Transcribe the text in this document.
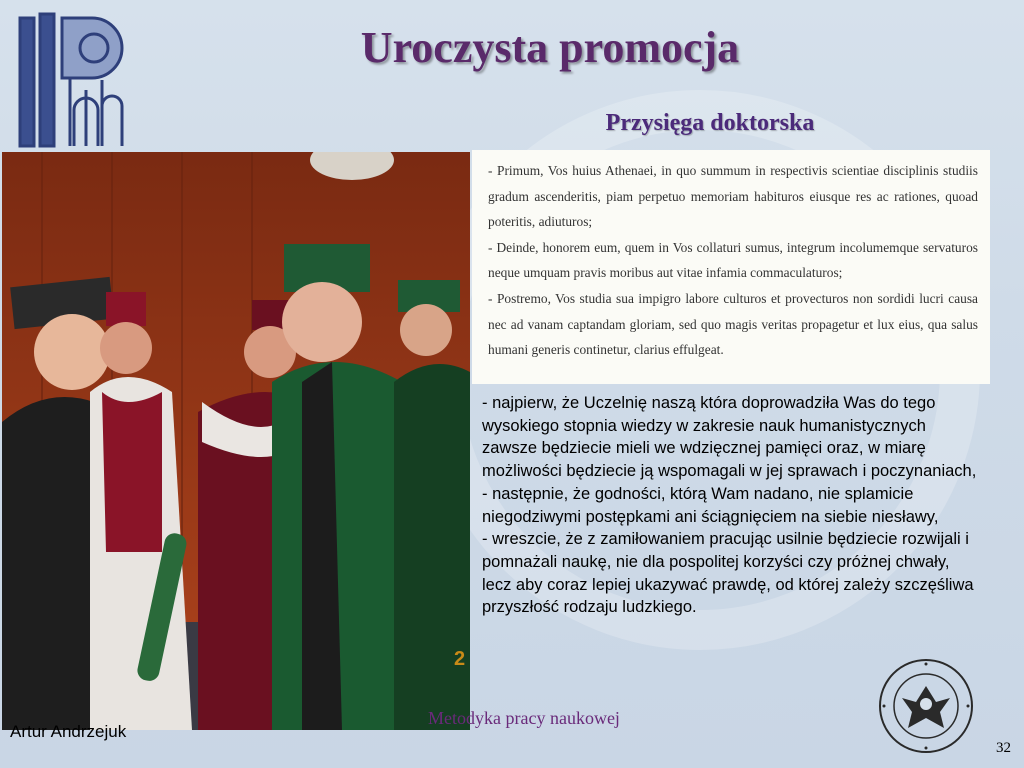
Uroczysta promocja
Przysięga doktorska
2

- Primum, Vos huius Athenaei, in quo summum in respectivis scientiae disciplinis studiis gradum ascenderitis, piam perpetuo memoriam habituros eiusque res ac rationes, quoad poteritis, adiuturos;

- Deinde, honorem eum, quem in Vos collaturi sumus, integrum incolumemque servaturos neque umquam pravis moribus aut vitae infamia commaculaturos;

- Postremo, Vos studia sua impigro labore culturos et provecturos non sordidi lucri causa nec ad vanam captandam gloriam, sed quo magis veritas propagetur et lux eius, qua salus humani generis continetur, clarius effulgeat.

- najpierw, że Uczelnię naszą która doprowadziła Was do tego wysokiego stopnia wiedzy w zakresie nauk humanistycznych zawsze będziecie mieli we wdzięcznej pamięci oraz, w miarę możliwości będziecie ją wspomagali w jej sprawach i poczynaniach,

- następnie, że godności, którą Wam nadano, nie splamicie niegodziwymi postępkami ani ściągnięciem na siebie niesławy,

- wreszcie, że z zamiłowaniem pracując usilnie będziecie rozwijali i pomnażali naukę, nie dla pospolitej korzyści czy próżnej chwały, lecz aby coraz lepiej ukazywać prawdę, od której zależy szczęśliwa przyszłość rodzaju ludzkiego.

Artur Andrzejuk
Metodyka pracy naukowej
32
